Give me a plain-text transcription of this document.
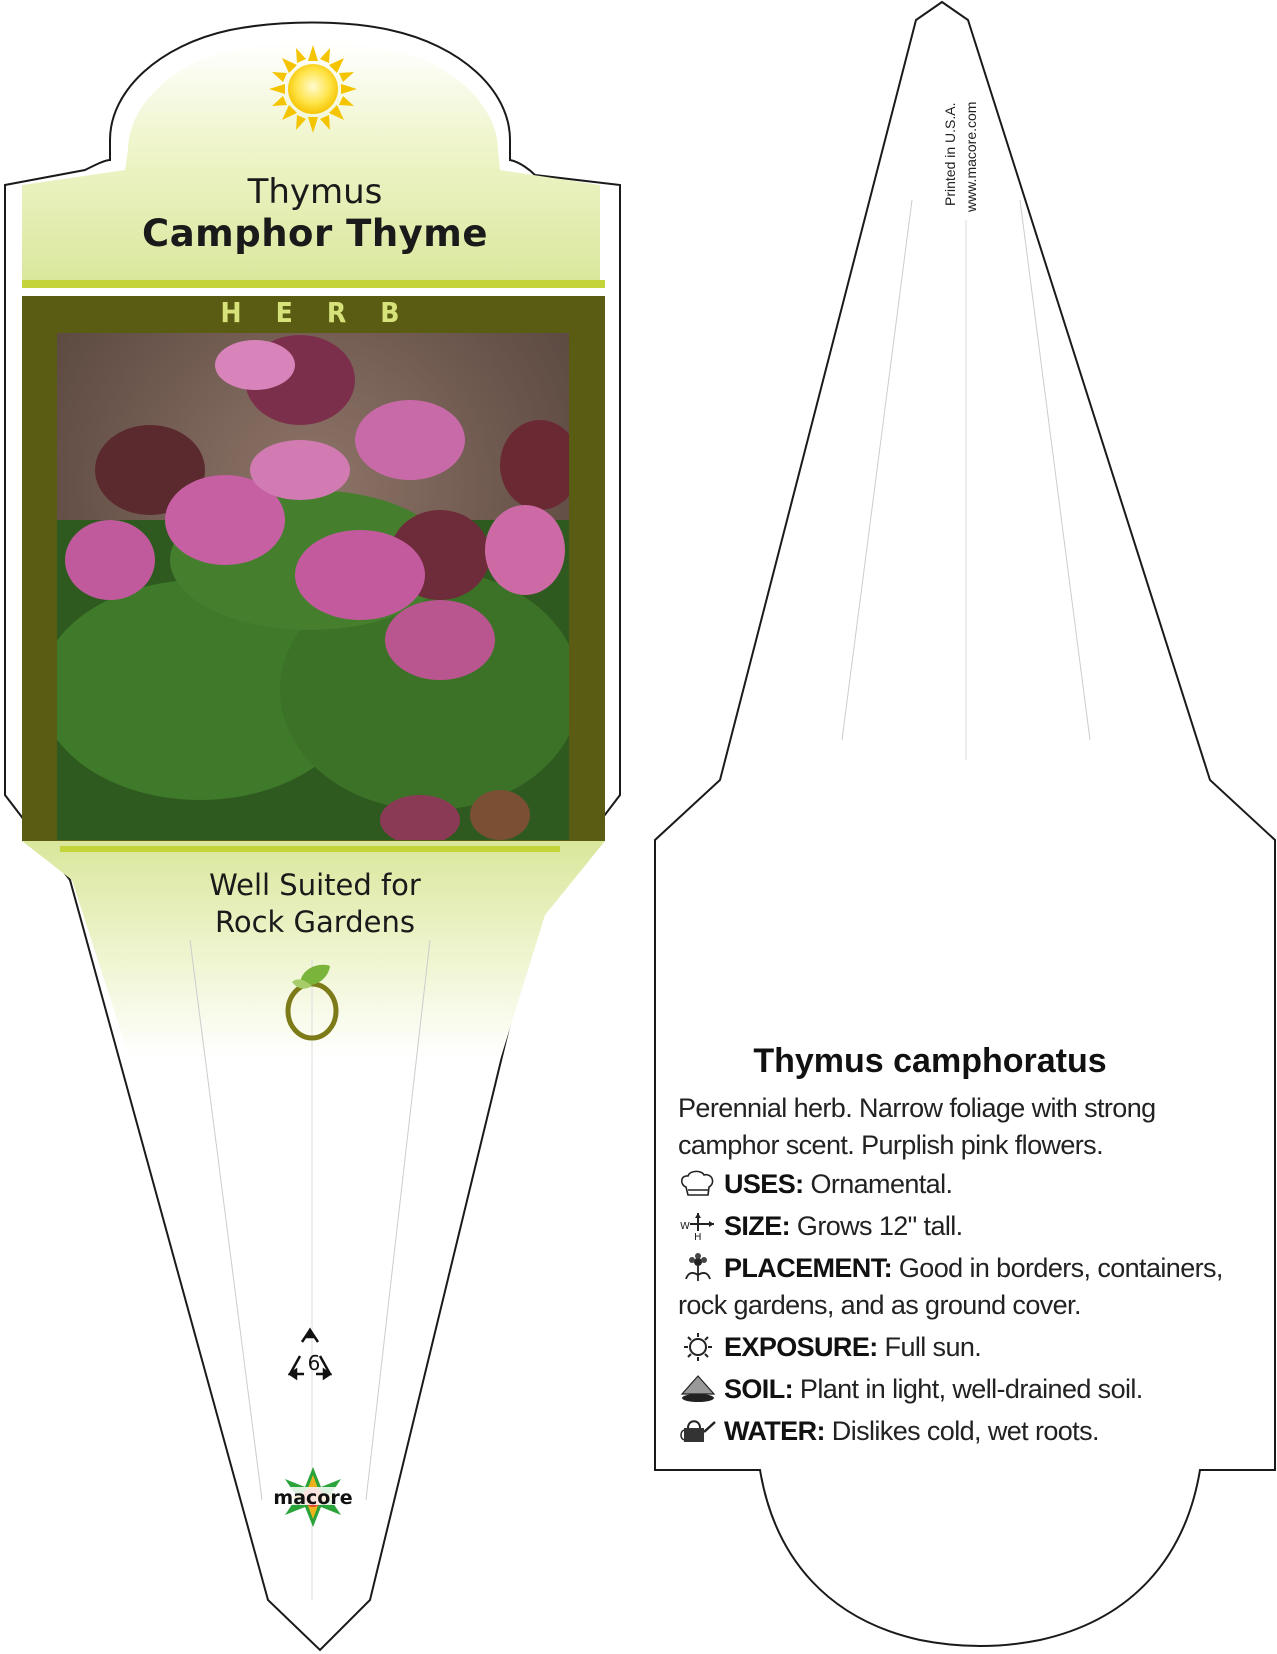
Thymus
Camphor Thyme
HERB
Well Suited for
Rock Gardens
6
macore
Printed in U.S.A. www.macore.com
Thymus camphoratus
Perennial herb. Narrow foliage with strong camphor scent. Purplish pink flowers.
USES: Ornamental.
W
H SIZE: Grows 12" tall.
PLACEMENT: Good in borders, containers, rock gardens, and as ground cover.
EXPOSURE: Full sun.
SOIL: Plant in light, well-drained soil.
WATER: Dislikes cold, wet roots.
